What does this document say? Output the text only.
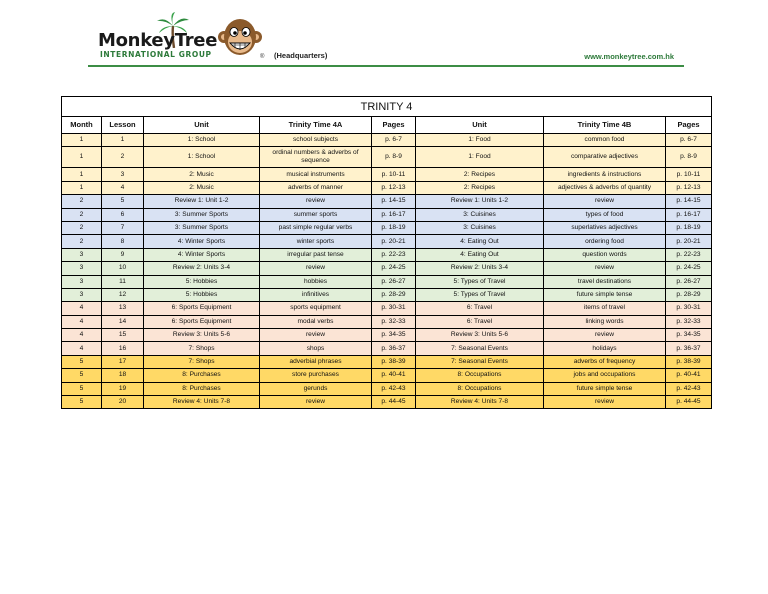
MonkeyTree
INTERNATIONAL GROUP	® (Headquarters)	www.monkeytree.com.hk
TRINITY 4							
Month	Lesson	Unit	Trinity Time 4A	Pages	Unit	Trinity Time 4B	Pages
1	1	1: School	school subjects	p. 6-7	1: Food	common food	p. 6-7
1	2	1: School	ordinal numbers & adverbs of sequence	p. 8-9	1: Food	comparative adjectives	p. 8-9
1	3	2: Music	musical instruments	p. 10-11	2: Recipes	ingredients & instructions	p. 10-11
1	4	2: Music	adverbs of manner	p. 12-13	2: Recipes	adjectives & adverbs of quantity	p. 12-13
2	5	Review 1: Unit 1-2	review	p. 14-15	Review 1: Units 1-2	review	p. 14-15
2	6	3: Summer Sports	summer sports	p. 16-17	3: Cuisines	types of food	p. 16-17
2	7	3: Summer Sports	past simple regular verbs	p. 18-19	3: Cuisines	superlatives adjectives	p. 18-19
2	8	4: Winter Sports	winter sports	p. 20-21	4: Eating Out	ordering food	p. 20-21
3	9	4: Winter Sports	irregular past tense	p. 22-23	4: Eating Out	question words	p. 22-23
3	10	Review 2: Units 3-4	review	p. 24-25	Review 2: Units 3-4	review	p. 24-25
3	11	5: Hobbies	hobbies	p. 26-27	5: Types of Travel	travel destinations	p. 26-27
3	12	5: Hobbies	infinitives	p. 28-29	5: Types of Travel	future simple tense	p. 28-29
4	13	6: Sports Equipment	sports equipment	p. 30-31	6: Travel	items of travel	p. 30-31
4	14	6: Sports Equipment	modal verbs	p. 32-33	6: Travel	linking words	p. 32-33
4	15	Review 3: Units 5-6	review	p. 34-35	Review 3: Units 5-6	review	p. 34-35
4	16	7: Shops	shops	p. 36-37	7: Seasonal Events	holidays	p. 36-37
5	17	7: Shops	adverbial phrases	p. 38-39	7: Seasonal Events	adverbs of frequency	p. 38-39
5	18	8: Purchases	store purchases	p. 40-41	8: Occupations	jobs and occupations	p. 40-41
5	19	8: Purchases	gerunds	p. 42-43	8: Occupations	future simple tense	p. 42-43
5	20	Review 4: Units 7-8	review	p. 44-45	Review 4: Units 7-8	review	p. 44-45
